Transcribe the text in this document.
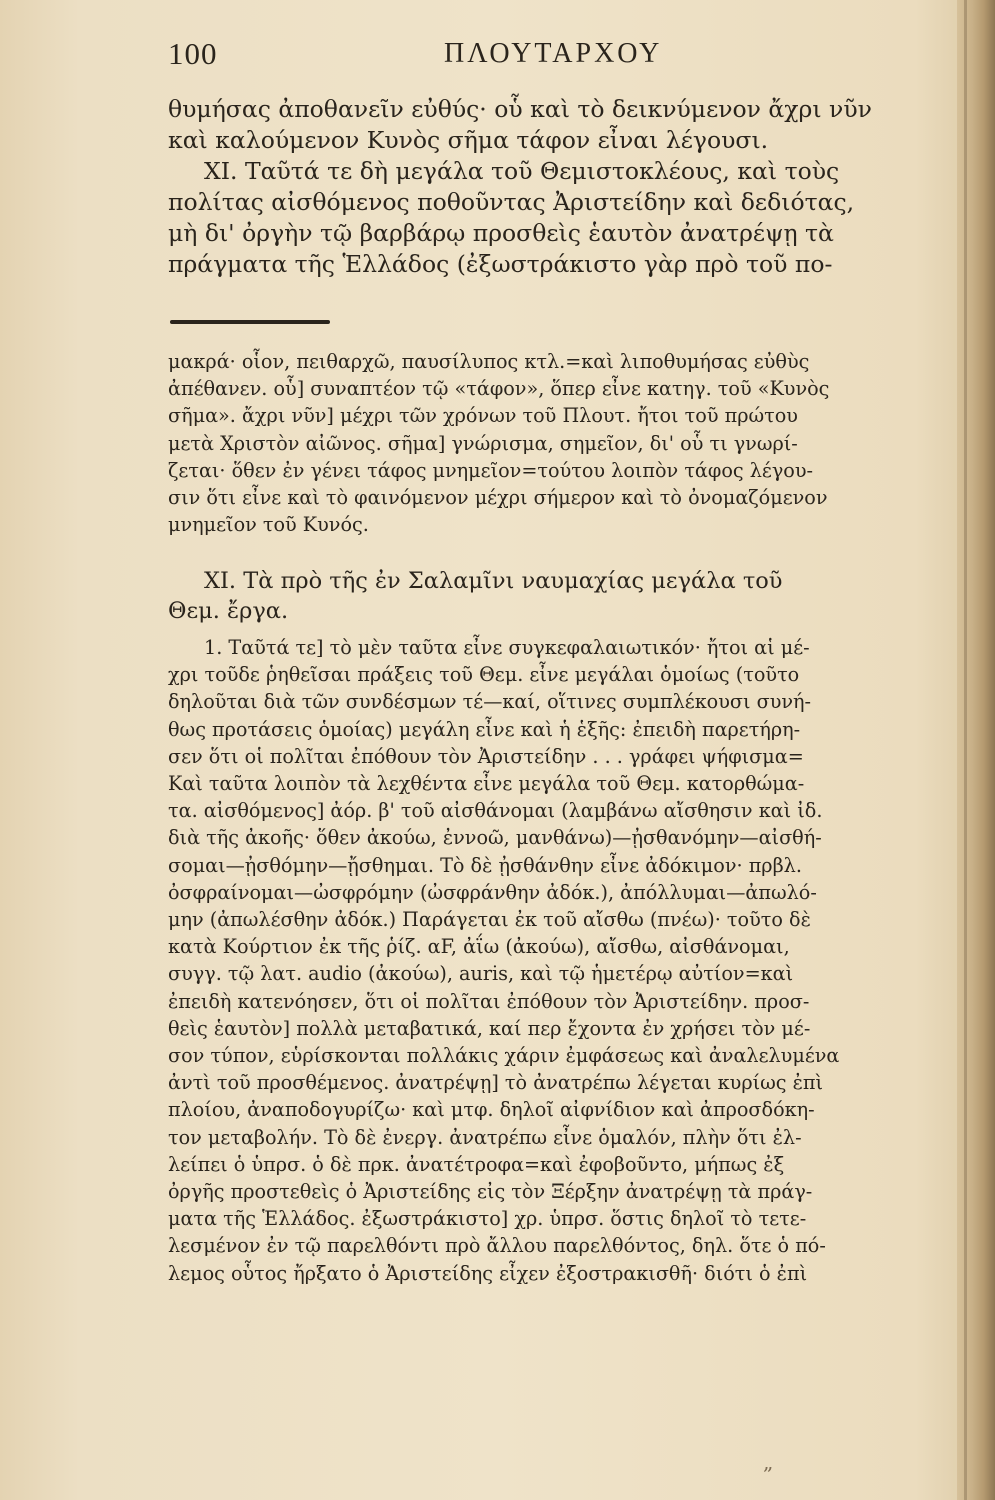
100	ΠΛΟΥΤΑΡΧΟΥ

θυμήσας ἀποθανεῖν εὐθύς· οὗ καὶ τὸ δεικνύμενον ἄχρι νῦν

καὶ καλούμενον Κυνὸς σῆμα τάφον εἶναι λέγουσι.

XI. Ταῦτά τε δὴ μεγάλα τοῦ Θεμιστοκλέους, καὶ τοὺς

πολίτας αἰσθόμενος ποθοῦντας Ἀριστείδην καὶ δεδιότας,

μὴ δι' ὀργὴν τῷ βαρβάρῳ προσθεὶς ἑαυτὸν ἀνατρέψῃ τὰ

πράγματα τῆς Ἑλλάδος (ἐξωστράκιστο γὰρ πρὸ τοῦ πο-

μακρά· οἷον, πειθαρχῶ, παυσίλυπος κτλ.=καὶ λιποθυμήσας εὐθὺς

ἀπέθανεν. οὗ] συναπτέον τῷ «τάφον», ὅπερ εἶνε κατηγ. τοῦ «Κυνὸς

σῆμα». ἄχρι νῦν] μέχρι τῶν χρόνων τοῦ Πλουτ. ἤτοι τοῦ πρώτου

μετὰ Χριστὸν αἰῶνος. σῆμα] γνώρισμα, σημεῖον, δι' οὗ τι γνωρί-

ζεται· ὅθεν ἐν γένει τάφος μνημεῖον=τούτου λοιπὸν τάφος λέγου-

σιν ὅτι εἶνε καὶ τὸ φαινόμενον μέχρι σήμερον καὶ τὸ ὀνομαζόμενον

μνημεῖον τοῦ Κυνός.

XI. Τὰ πρὸ τῆς ἐν Σαλαμῖνι ναυμαχίας μεγάλα τοῦ

Θεμ. ἔργα.

1. Ταῦτά τε] τὸ μὲν ταῦτα εἶνε συγκεφαλαιωτικόν· ἤτοι αἱ μέ-

χρι τοῦδε ῥηθεῖσαι πράξεις τοῦ Θεμ. εἶνε μεγάλαι ὁμοίως (τοῦτο

δηλοῦται διὰ τῶν συνδέσμων τέ—καί, οἵτινες συμπλέκουσι συνή-

θως προτάσεις ὁμοίας) μεγάλη εἶνε καὶ ἡ ἑξῆς: ἐπειδὴ παρετήρη-

σεν ὅτι οἱ πολῖται ἐπόθουν τὸν Ἀριστείδην . . . γράφει ψήφισμα=

Καὶ ταῦτα λοιπὸν τὰ λεχθέντα εἶνε μεγάλα τοῦ Θεμ. κατορθώμα-

τα. αἰσθόμενος] ἀόρ. β' τοῦ αἰσθάνομαι (λαμβάνω αἴσθησιν καὶ ἰδ.

διὰ τῆς ἀκοῆς· ὅθεν ἀκούω, ἐννοῶ, μανθάνω)—ᾐσθανόμην—αἰσθή-

σομαι—ᾐσθόμην—ᾔσθημαι. Τὸ δὲ ᾐσθάνθην εἶνε ἀδόκιμον· πρβλ.

ὀσφραίνομαι—ὠσφρόμην (ὠσφράνθην ἀδόκ.), ἀπόλλυμαι—ἀπωλό-

μην (ἀπωλέσθην ἀδόκ.) Παράγεται ἐκ τοῦ αἴσθω (πνέω)· τοῦτο δὲ

κατὰ Κούρτιον ἐκ τῆς ῥίζ. αF, ἀΐω (ἀκούω), αἴσθω, αἰσθάνομαι,

συγγ. τῷ λατ. audio (ἀκούω), auris, καὶ τῷ ἡμετέρῳ αὐτίον=καὶ

ἐπειδὴ κατενόησεν, ὅτι οἱ πολῖται ἐπόθουν τὸν Ἀριστείδην. προσ-

θεὶς ἑαυτὸν] πολλὰ μεταβατικά, καί περ ἔχοντα ἐν χρήσει τὸν μέ-

σον τύπον, εὑρίσκονται πολλάκις χάριν ἐμφάσεως καὶ ἀναλελυμένα

ἀντὶ τοῦ προσθέμενος. ἀνατρέψῃ] τὸ ἀνατρέπω λέγεται κυρίως ἐπὶ

πλοίου, ἀναποδογυρίζω· καὶ μτφ. δηλοῖ αἰφνίδιον καὶ ἀπροσδόκη-

τον μεταβολήν. Τὸ δὲ ἐνεργ. ἀνατρέπω εἶνε ὁμαλόν, πλὴν ὅτι ἐλ-

λείπει ὁ ὑπρσ. ὁ δὲ πρκ. ἀνατέτροφα=καὶ ἐφοβοῦντο, μήπως ἐξ

ὀργῆς προστεθεὶς ὁ Ἀριστείδης εἰς τὸν Ξέρξην ἀνατρέψῃ τὰ πράγ-

ματα τῆς Ἑλλάδος. ἐξωστράκιστο] χρ. ὑπρσ. ὅστις δηλοῖ τὸ τετε-

λεσμένον ἐν τῷ παρελθόντι πρὸ ἄλλου παρελθόντος, δηλ. ὅτε ὁ πό-

λεμος οὗτος ἤρξατο ὁ Ἀριστείδης εἶχεν ἐξοστρακισθῆ· διότι ὁ ἐπὶ

„
